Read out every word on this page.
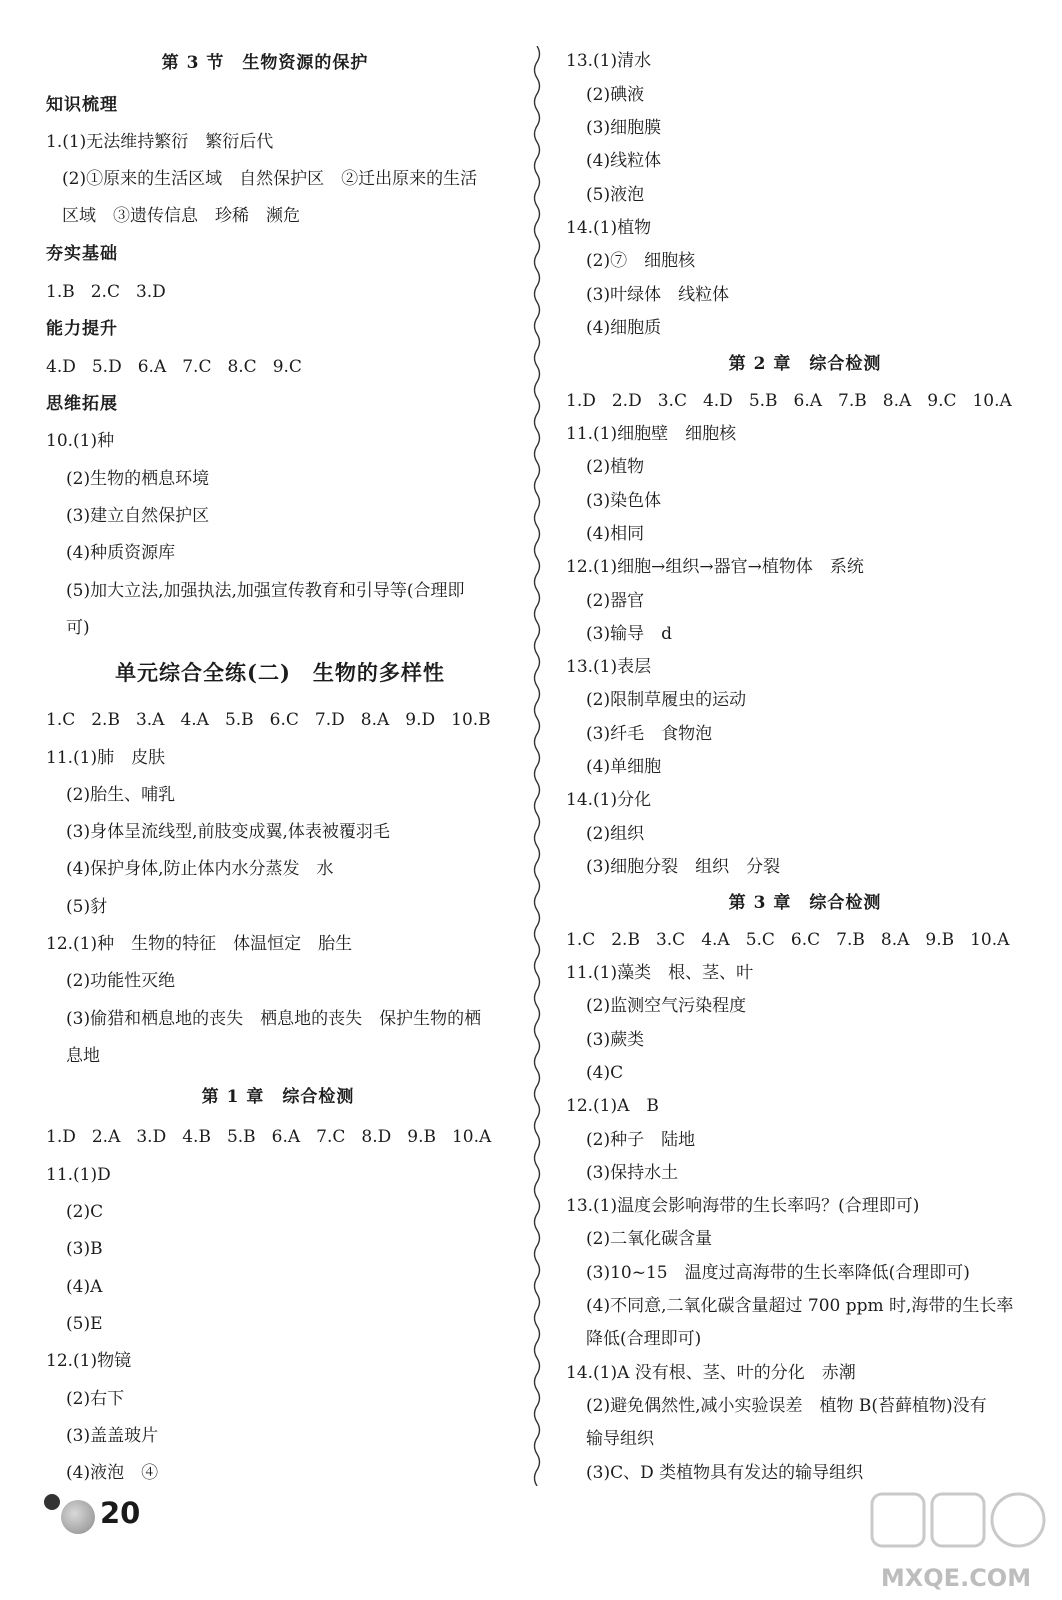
第 3 节　生物资源的保护
知识梳理
1.(1)无法维持繁衍　繁衍后代
(2)①原来的生活区域　自然保护区　②迁出原来的生活
区域　③遗传信息　珍稀　濒危
夯实基础
1.B 2.C 3.D
能力提升
4.D 5.D 6.A 7.C 8.C 9.C
思维拓展
10.(1)种
(2)生物的栖息环境
(3)建立自然保护区
(4)种质资源库
(5)加大立法,加强执法,加强宣传教育和引导等(合理即
可)
单元综合全练(二)　生物的多样性
1.C 2.B 3.A 4.A 5.B 6.C 7.D 8.A 9.D 10.B
11.(1)肺　皮肤
(2)胎生、哺乳
(3)身体呈流线型,前肢变成翼,体表被覆羽毛
(4)保护身体,防止体内水分蒸发　水
(5)豺
12.(1)种　生物的特征　体温恒定　胎生
(2)功能性灭绝
(3)偷猎和栖息地的丧失　栖息地的丧失　保护生物的栖
息地
第 1 章　综合检测
1.D 2.A 3.D 4.B 5.B 6.A 7.C 8.D 9.B 10.A
11.(1)D
(2)C
(3)B
(4)A
(5)E
12.(1)物镜
(2)右下
(3)盖盖玻片
(4)液泡　④
13.(1)清水
(2)碘液
(3)细胞膜
(4)线粒体
(5)液泡
14.(1)植物
(2)⑦　细胞核
(3)叶绿体　线粒体
(4)细胞质
第 2 章　综合检测
1.D 2.D 3.C 4.D 5.B 6.A 7.B 8.A 9.C 10.A
11.(1)细胞壁　细胞核
(2)植物
(3)染色体
(4)相同
12.(1)细胞→组织→器官→植物体　系统
(2)器官
(3)输导　d
13.(1)表层
(2)限制草履虫的运动
(3)纤毛　食物泡
(4)单细胞
14.(1)分化
(2)组织
(3)细胞分裂　组织　分裂
第 3 章　综合检测
1.C 2.B 3.C 4.A 5.C 6.C 7.B 8.A 9.B 10.A
11.(1)藻类　根、茎、叶
(2)监测空气污染程度
(3)蕨类
(4)C
12.(1)A　B
(2)种子　陆地
(3)保持水土
13.(1)温度会影响海带的生长率吗？(合理即可)
(2)二氧化碳含量
(3)10~15　温度过高海带的生长率降低(合理即可)
(4)不同意,二氧化碳含量超过 700 ppm 时,海带的生长率
降低(合理即可)
14.(1)A 没有根、茎、叶的分化　赤潮
(2)避免偶然性,减小实验误差　植物 B(苔藓植物)没有
输导组织
(3)C、D 类植物具有发达的输导组织
20
MXQE.COM
